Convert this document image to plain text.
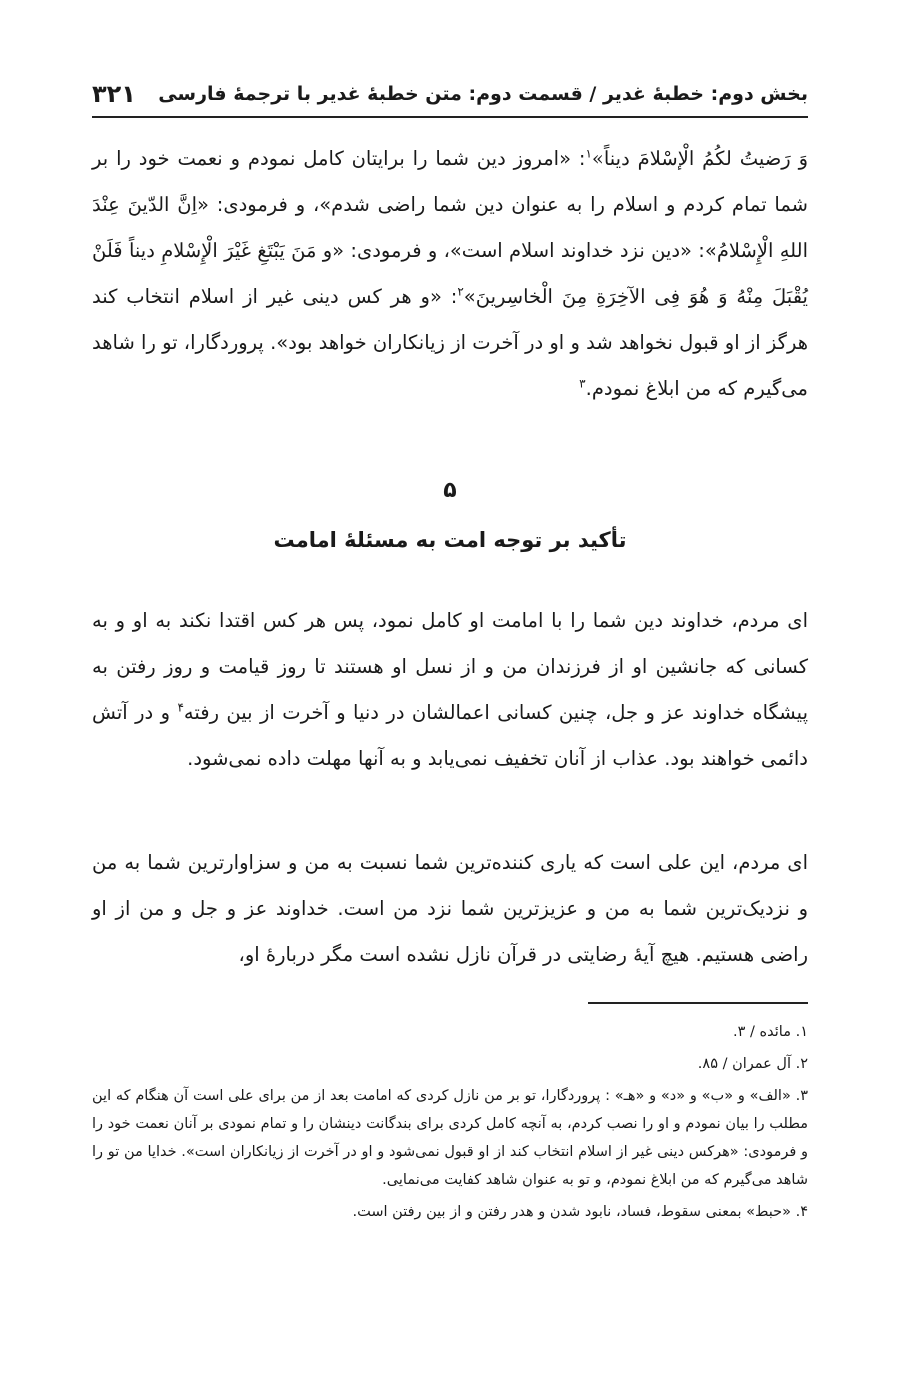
بخش دوم: خطبهٔ غدیر / قسمت دوم: متن خطبهٔ غدیر با ترجمهٔ فارسی
۳۲۱

وَ رَضیتُ لکُمُ الْإسْلامَ دیناً»$^۱$: «امروز دین شما را برایتان کامل نمودم و نعمت خود را بر شما تمام کردم و اسلام را به عنوان دین شما راضی شدم»، و فرمودی: «اِنَّ الدّینَ عِنْدَ اللهِ الْإِسْلامُ»: «دین نزد خداوند اسلام است»، و فرمودی: «و مَنَ یَبْتَغِ غَیْرَ الْإِسْلامِ دیناً فَلَنْ یُقْبَلَ مِنْهُ وَ هُوَ فِی الآخِرَةِ مِنَ الْخاسِرینَ»$^۲$: «و هر کس دینی غیر از اسلام انتخاب کند هرگز از او قبول نخواهد شد و او در آخرت از زیانکاران خواهد بود». پروردگارا، تو را شاهد می‌گیرم که من ابلاغ نمودم.$^۳$

۵
تأکید بر توجه امت به مسئلهٔ امامت

ای مردم، خداوند دین شما را با امامت او کامل نمود، پس هر کس اقتدا نکند به او و به کسانی که جانشین او از فرزندان من و از نسل او هستند تا روز قیامت و روز رفتن به پیشگاه خداوند عز و جل، چنین کسانی اعمالشان در دنیا و آخرت از بین رفته$^۴$ و در آتش دائمی خواهند بود. عذاب از آنان تخفیف نمی‌یابد و به آنها مهلت داده نمی‌شود.

ای مردم، این علی است که یاری کننده‌ترین شما نسبت به من و سزاوارترین شما به من و نزدیک‌ترین شما به من و عزیزترین شما نزد من است. خداوند عز و جل و من از او راضی هستیم. هیچ آیهٔ رضایتی در قرآن نازل نشده است مگر دربارهٔ او،

۱. مائده / ۳.

۲. آل عمران / ۸۵.

۳. «الف» و «ب» و «د» و «هـ» : پروردگارا، تو بر من نازل کردی که امامت بعد از من برای علی است آن هنگام که این مطلب را بیان نمودم و او را نصب کردم، به آنچه کامل کردی برای بندگانت دینشان را و تمام نمودی بر آنان نعمت خود را و فرمودی: «هرکس دینی غیر از اسلام انتخاب کند از او قبول نمی‌شود و او در آخرت از زیانکاران است». خدایا من تو را شاهد می‌گیرم که من ابلاغ نمودم، و تو به عنوان شاهد کفایت می‌نمایی.

۴. «حبط» بمعنی سقوط، فساد، نابود شدن و هدر رفتن و از بین رفتن است.
